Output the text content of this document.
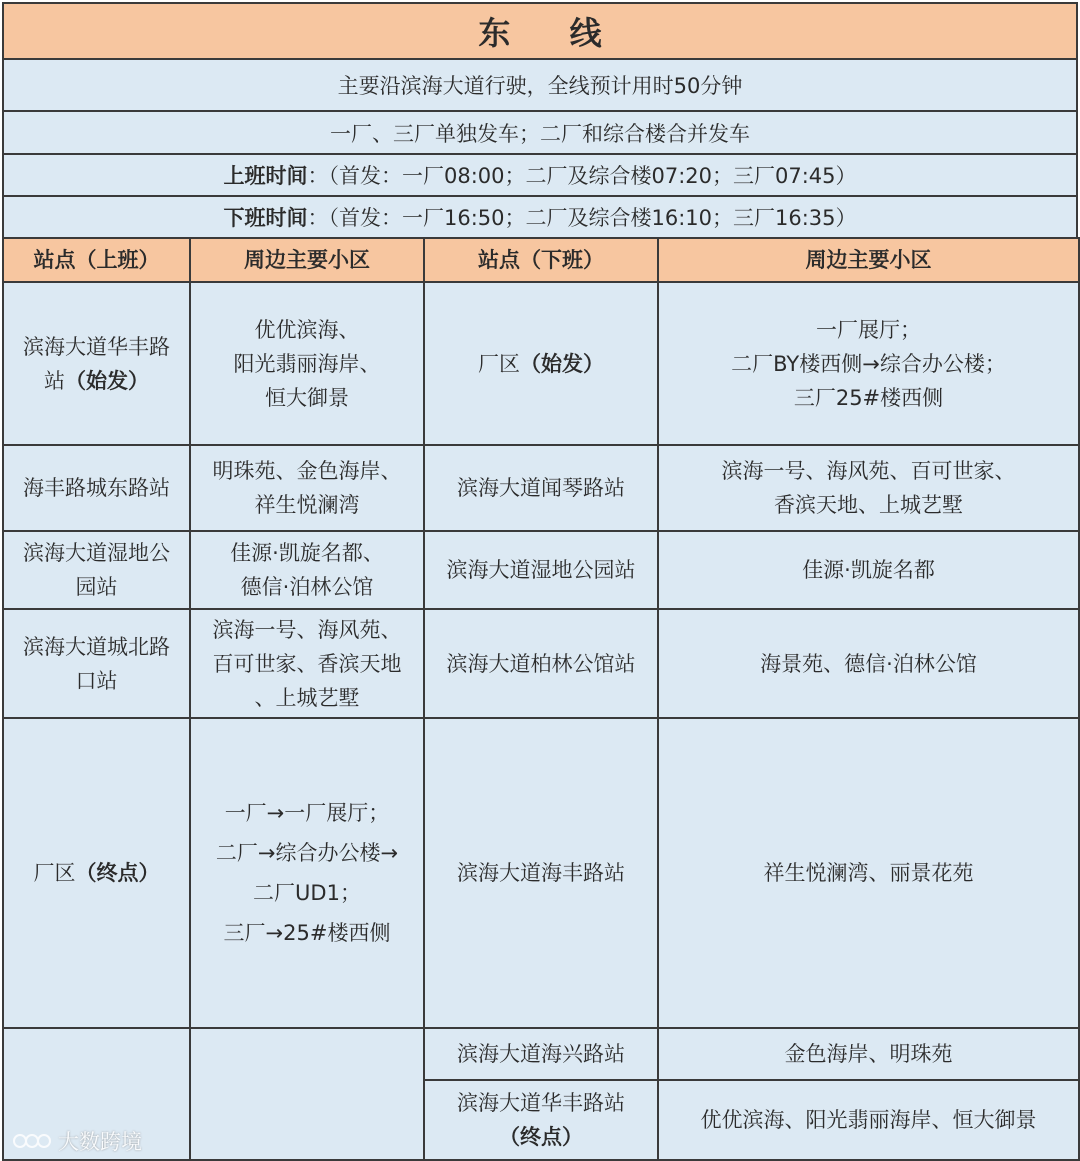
东 线
主要沿滨海大道行驶，全线预计用时50分钟
一厂、三厂单独发车；二厂和综合楼合并发车
上班时间 ：（首发：一厂08:00；二厂及综合楼07:20；三厂07:45）
下班时间 ：（首发：一厂16:50；二厂及综合楼16:10；三厂16:35）
站点（上班）	周边主要小区	站点（下班）	周边主要小区

滨海大道华丰路
站（始发）	优优滨海、
阳光翡丽海岸、
恒大御景	厂区（始发）	一厂展厅；
二厂BY楼西侧→综合办公楼；
三厂25#楼西侧

海丰路城东路站	明珠苑、金色海岸、
祥生悦澜湾	滨海大道闻琴路站	滨海一号、海风苑、百可世家、
香滨天地、上城艺墅

滨海大道湿地公
园站	佳源·凯旋名都、
德信·泊林公馆	滨海大道湿地公园站	佳源·凯旋名都

滨海大道城北路
口站	滨海一号、海风苑、
百可世家、香滨天地
、上城艺墅	滨海大道柏林公馆站	海景苑、德信·泊林公馆

厂区（终点）	一厂→一厂展厅；
二厂→综合办公楼→
二厂UD1；
三厂→25#楼西侧	滨海大道海丰路站	祥生悦澜湾、丽景花苑

		滨海大道海兴路站	金色海岸、明珠苑

		滨海大道华丰路站
（终点）	优优滨海、阳光翡丽海岸、恒大御景
大数跨境
